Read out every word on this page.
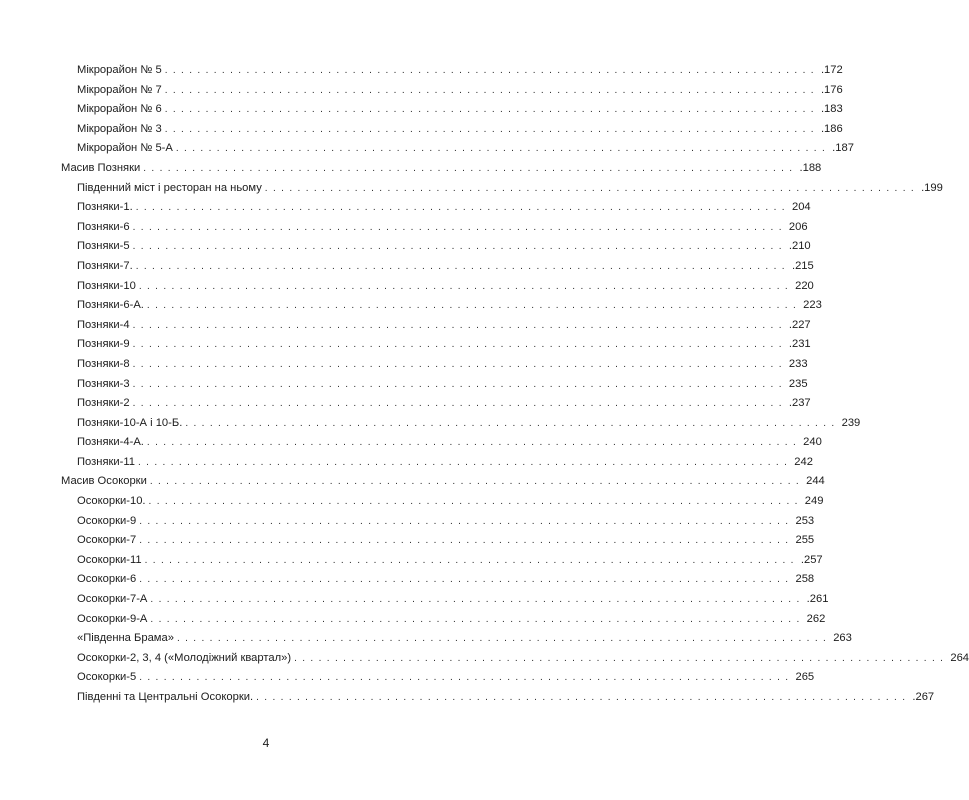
Мікрорайон № 5 ................................................................................ .172
Мікрорайон № 7 ................................................................................ .176
Мікрорайон № 6 ................................................................................ .183
Мікрорайон № 3 ................................................................................ .186
Мікрорайон № 5-А ................................................................................ .187
Масив Позняки ................................................................................ .188
Південний міст і ресторан на ньому ................................................................................ .199
Позняки-1. ................................................................................ 204
Позняки-6 ................................................................................ 206
Позняки-5 ................................................................................ .210
Позняки-7. ................................................................................ .215
Позняки-10 ................................................................................ 220
Позняки-6-А. ................................................................................ 223
Позняки-4 ................................................................................ .227
Позняки-9 ................................................................................ .231
Позняки-8 ................................................................................ 233
Позняки-3 ................................................................................ 235
Позняки-2 ................................................................................ .237
Позняки-10-А і 10-Б. ................................................................................ 239
Позняки-4-А. ................................................................................ 240
Позняки-11 ................................................................................ 242
Масив Осокорки ................................................................................ 244
Осокорки-10. ................................................................................ 249
Осокорки-9 ................................................................................ 253
Осокорки-7 ................................................................................ 255
Осокорки-11 ................................................................................ .257
Осокорки-6 ................................................................................ 258
Осокорки-7-А ................................................................................ .261
Осокорки-9-А ................................................................................ 262
«Південна Брама» ................................................................................ 263
Осокорки-2, 3, 4 («Молодіжний квартал») ................................................................................ 264
Осокорки-5 ................................................................................ 265
Південні та Центральні Осокорки. ................................................................................ .267
4
